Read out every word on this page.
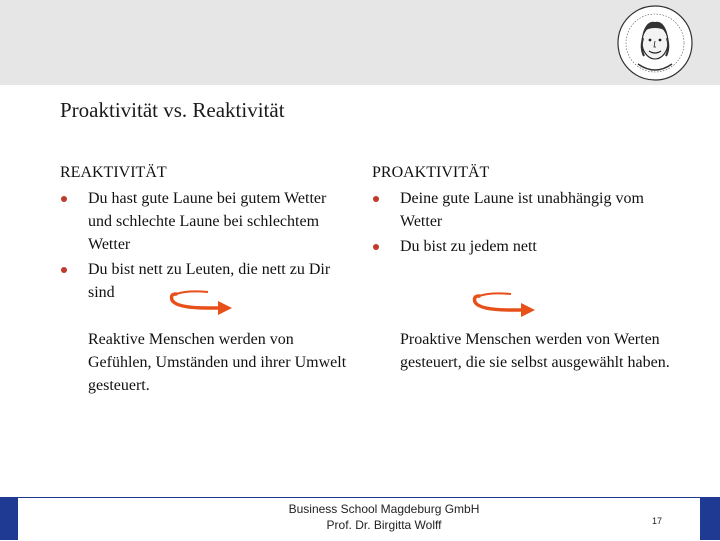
Proaktivität vs. Reaktivität
REAKTIVITÄT
Du hast gute Laune bei gutem Wetter und schlechte Laune bei schlechtem Wetter
Du bist nett zu Leuten, die nett zu Dir sind
PROAKTIVITÄT
Deine gute Laune ist unabhängig vom Wetter
Du bist zu jedem nett
Reaktive Menschen werden von Gefühlen, Umständen und ihrer Umwelt gesteuert.
Proaktive Menschen werden von Werten gesteuert, die sie selbst ausgewählt haben.
Business School Magdeburg GmbH
Prof. Dr. Birgitta Wolff	17
